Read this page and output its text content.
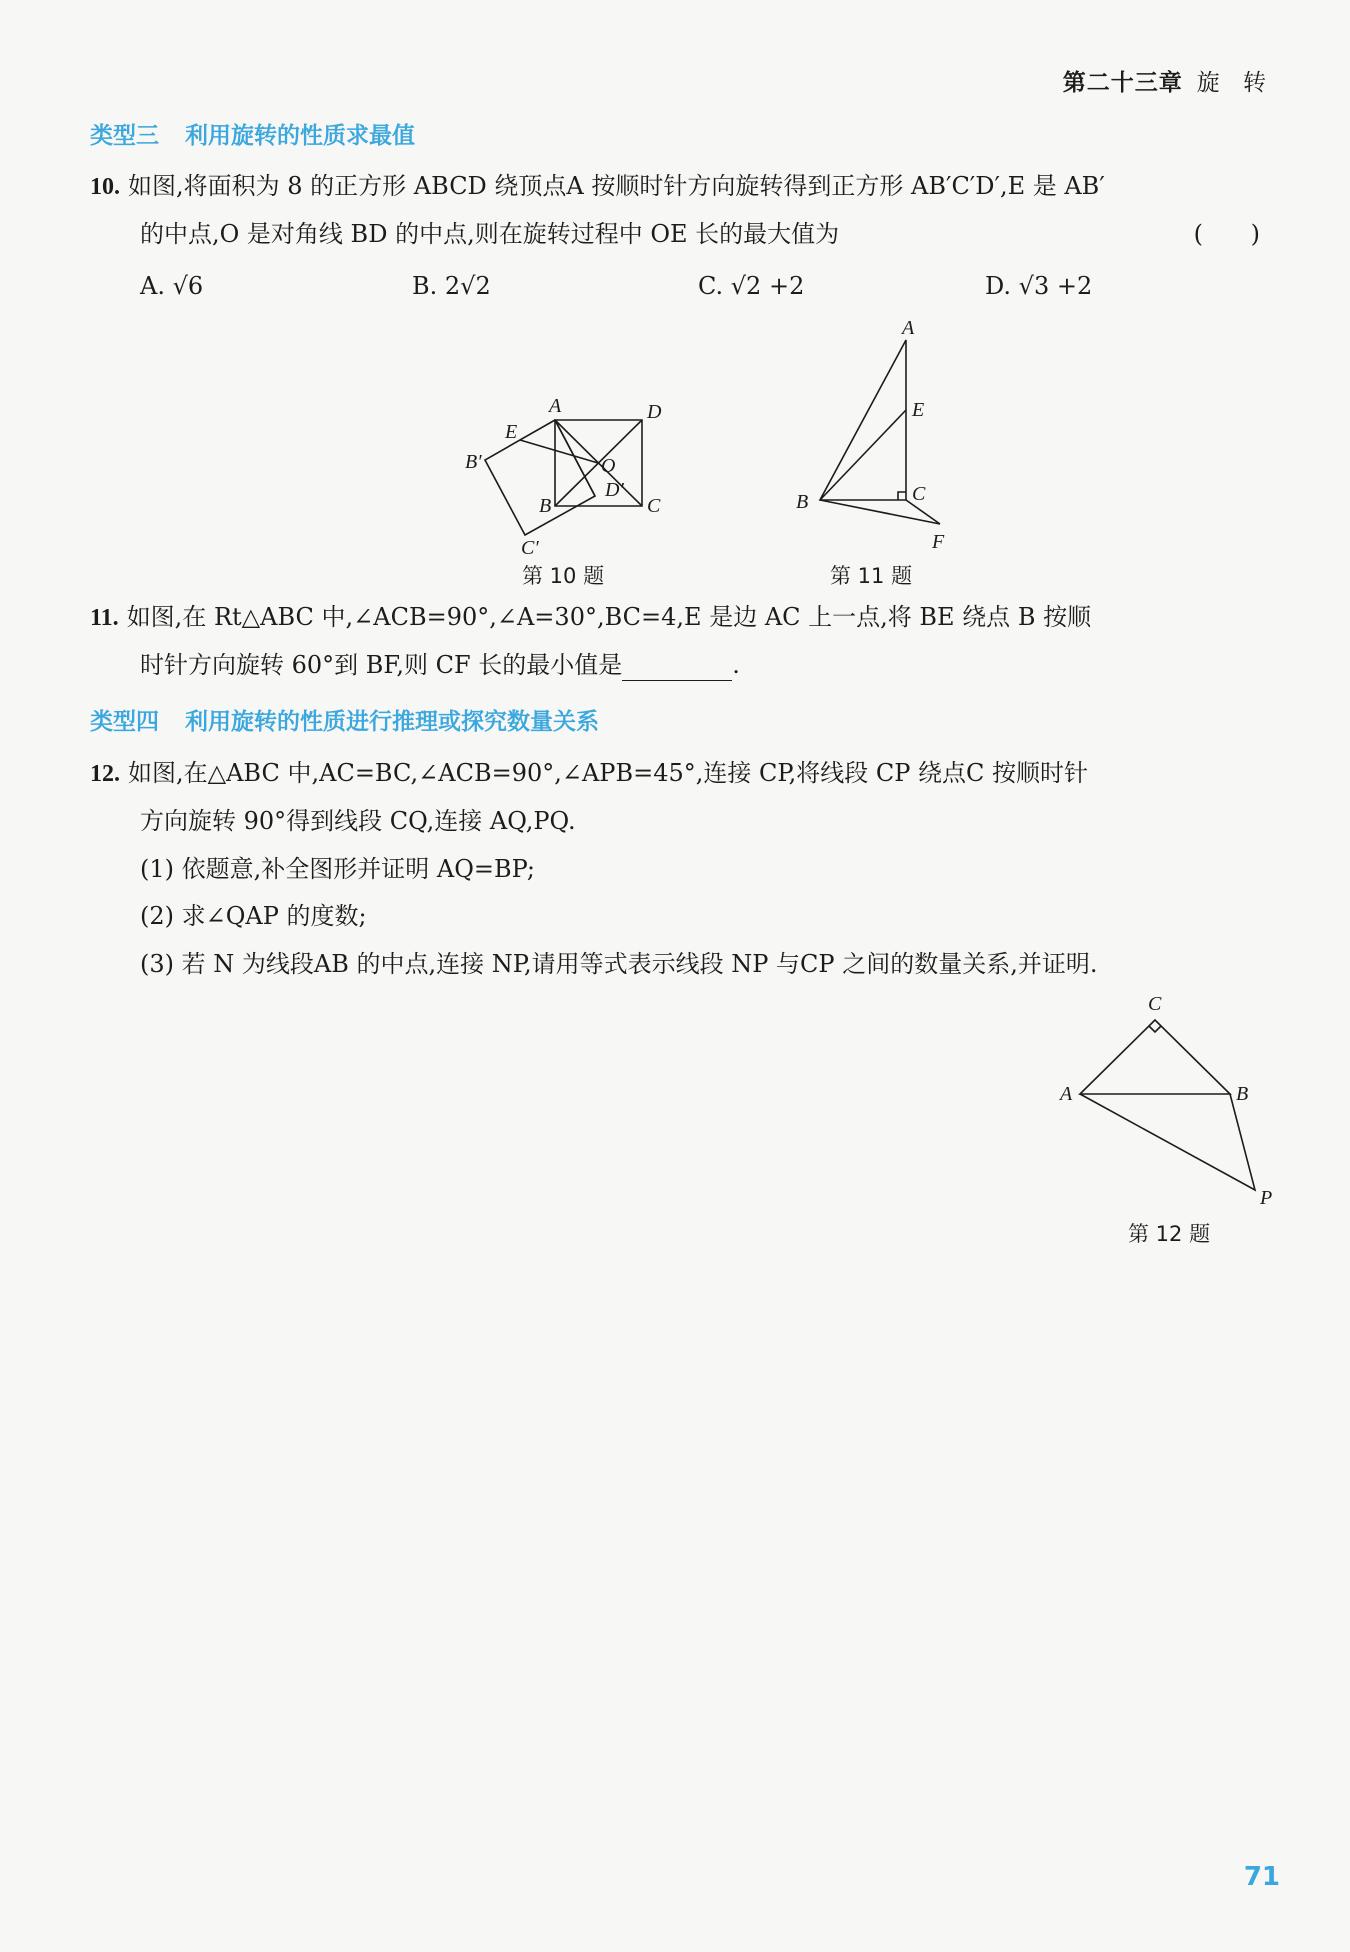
第二十三章 旋 转
类型三 利用旋转的性质求最值
10. 如图,将面积为 8 的正方形 ABCD 绕顶点A 按顺时针方向旋转得到正方形 AB′C′D′,E 是 AB′
的中点,O 是对角线 BD 的中点,则在旋转过程中 OE 长的最大值为	( )
A. √6	B. 2√2	C. √2 +2	D. √3 +2
A	D
E
B′	O
D′
B	C
C′
第 10 题
A
E
B	C
F
第 11 题
11. 如图,在 Rt△ABC 中,∠ACB=90°,∠A=30°,BC=4,E 是边 AC 上一点,将 BE 绕点 B 按顺
时针方向旋转 60°到 BF,则 CF 长的最小值是	.
类型四 利用旋转的性质进行推理或探究数量关系
12. 如图,在△ABC 中,AC=BC,∠ACB=90°,∠APB=45°,连接 CP,将线段 CP 绕点C 按顺时针
方向旋转 90°得到线段 CQ,连接 AQ,PQ.
(1) 依题意,补全图形并证明 AQ=BP;
(2) 求∠QAP 的度数;
(3) 若 N 为线段AB 的中点,连接 NP,请用等式表示线段 NP 与CP 之间的数量关系,并证明.
C
A	B
P
第 12 题
71
